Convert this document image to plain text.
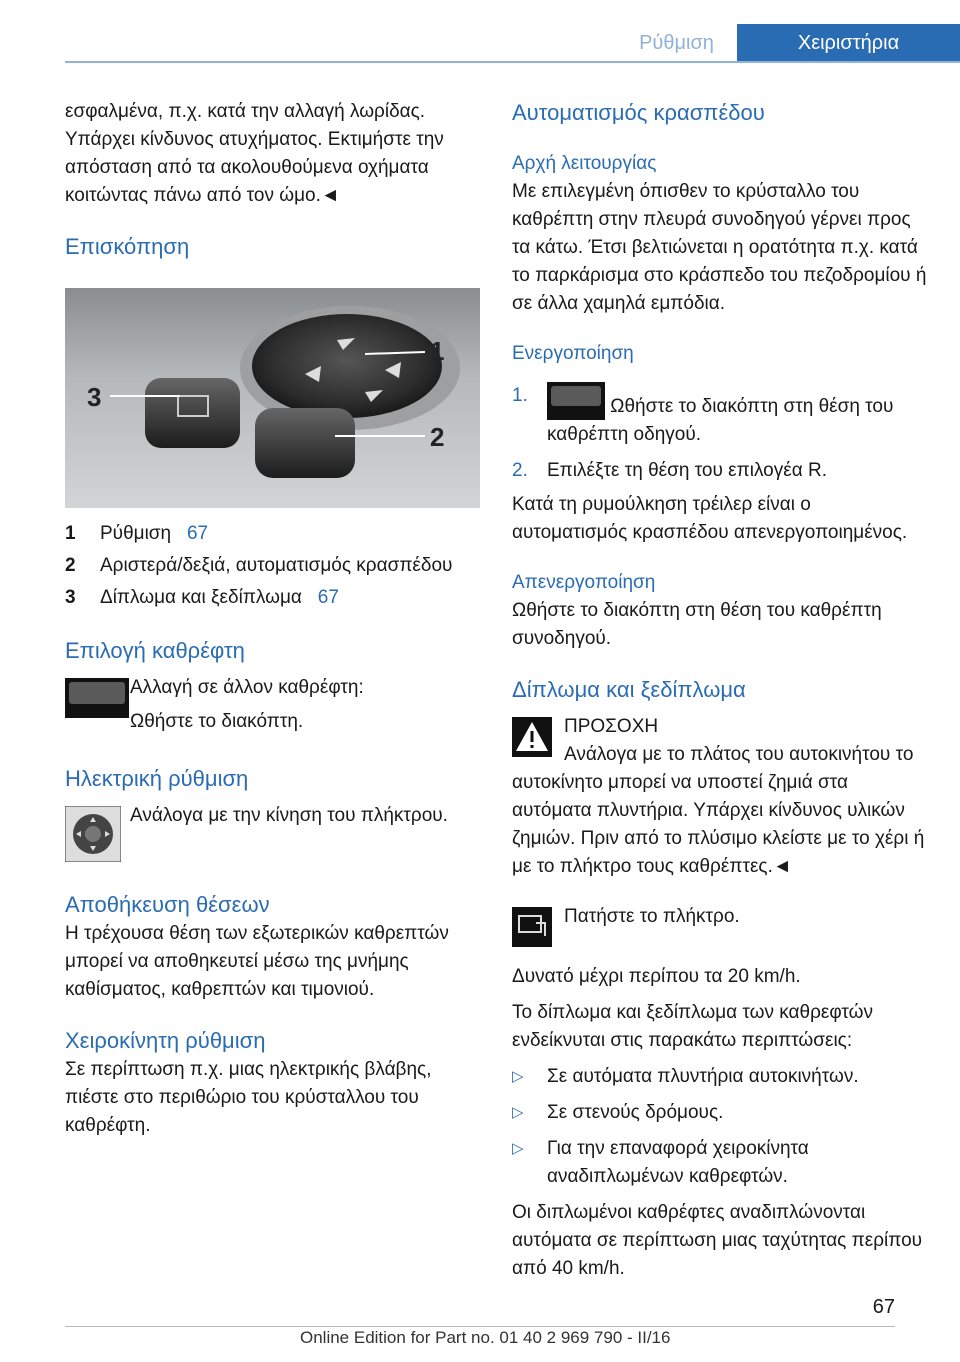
Ρύθμιση	Χειριστήρια

εσφαλμένα, π.χ. κατά την αλλαγή λωρίδας. Υπάρχει κίνδυνος ατυχήματος. Εκτιμήστε την απόσταση από τα ακολουθούμενα οχήματα κοιτώντας πάνω από τον ώμο.◄

Επισκόπηση
1
2
3
1	Ρύθμιση 67
2	Αριστερά/δεξιά, αυτοματισμός κρασπέδου
3	Δίπλωμα και ξεδίπλωμα 67
Επιλογή καθρέφτη

Αλλαγή σε άλλον καθρέφτη:

Ωθήστε το διακόπτη.

Ηλεκτρική ρύθμιση

Ανάλογα με την κίνηση του πλήκτρου.

Αποθήκευση θέσεων

Η τρέχουσα θέση των εξωτερικών καθρεπτών μπορεί να αποθηκευτεί μέσω της μνήμης καθίσματος, καθρεπτών και τιμονιού.

Χειροκίνητη ρύθμιση

Σε περίπτωση π.χ. μιας ηλεκτρικής βλάβης, πιέστε στο περιθώριο του κρύσταλλου του καθρέφτη.

Αυτοματισμός κρασπέδου
Αρχή λειτουργίας

Με επιλεγμένη όπισθεν το κρύσταλλο του καθρέπτη στην πλευρά συνοδηγού γέρνει προς τα κάτω. Έτσι βελτιώνεται η ορατότητα π.χ. κατά το παρκάρισμα στο κράσπεδο του πεζοδρομίου ή σε άλλα χαμηλά εμπόδια.

Ενεργοποίηση
1.
Ωθήστε το διακόπτη στη θέση του καθρέπτη οδηγού.
2.	Επιλέξτε τη θέση του επιλογέα R.

Κατά τη ρυμούλκηση τρέιλερ είναι ο αυτοματισμός κρασπέδου απενεργοποιημένος.

Απενεργοποίηση

Ωθήστε το διακόπτη στη θέση του καθρέπτη συνοδηγού.

Δίπλωμα και ξεδίπλωμα

ΠΡΟΣΟΧΗ

Ανάλογα με το πλάτος του αυτοκινήτου το αυτοκίνητο μπορεί να υποστεί ζημιά στα αυτόματα πλυντήρια. Υπάρχει κίνδυνος υλικών ζημιών. Πριν από το πλύσιμο κλείστε με το χέρι ή με το πλήκτρο τους καθρέπτες.◄

Πατήστε το πλήκτρο.

Δυνατό μέχρι περίπου τα 20 km/h.

Το δίπλωμα και ξεδίπλωμα των καθρεφτών ενδείκνυται στις παρακάτω περιπτώσεις:

▷	Σε αυτόματα πλυντήρια αυτοκινήτων.
▷	Σε στενούς δρόμους.
▷	Για την επαναφορά χειροκίνητα αναδιπλωμένων καθρεφτών.

Οι διπλωμένοι καθρέφτες αναδιπλώνονται αυτόματα σε περίπτωση μιας ταχύτητας περίπου από 40 km/h.

67
Online Edition for Part no. 01 40 2 969 790 - II/16
